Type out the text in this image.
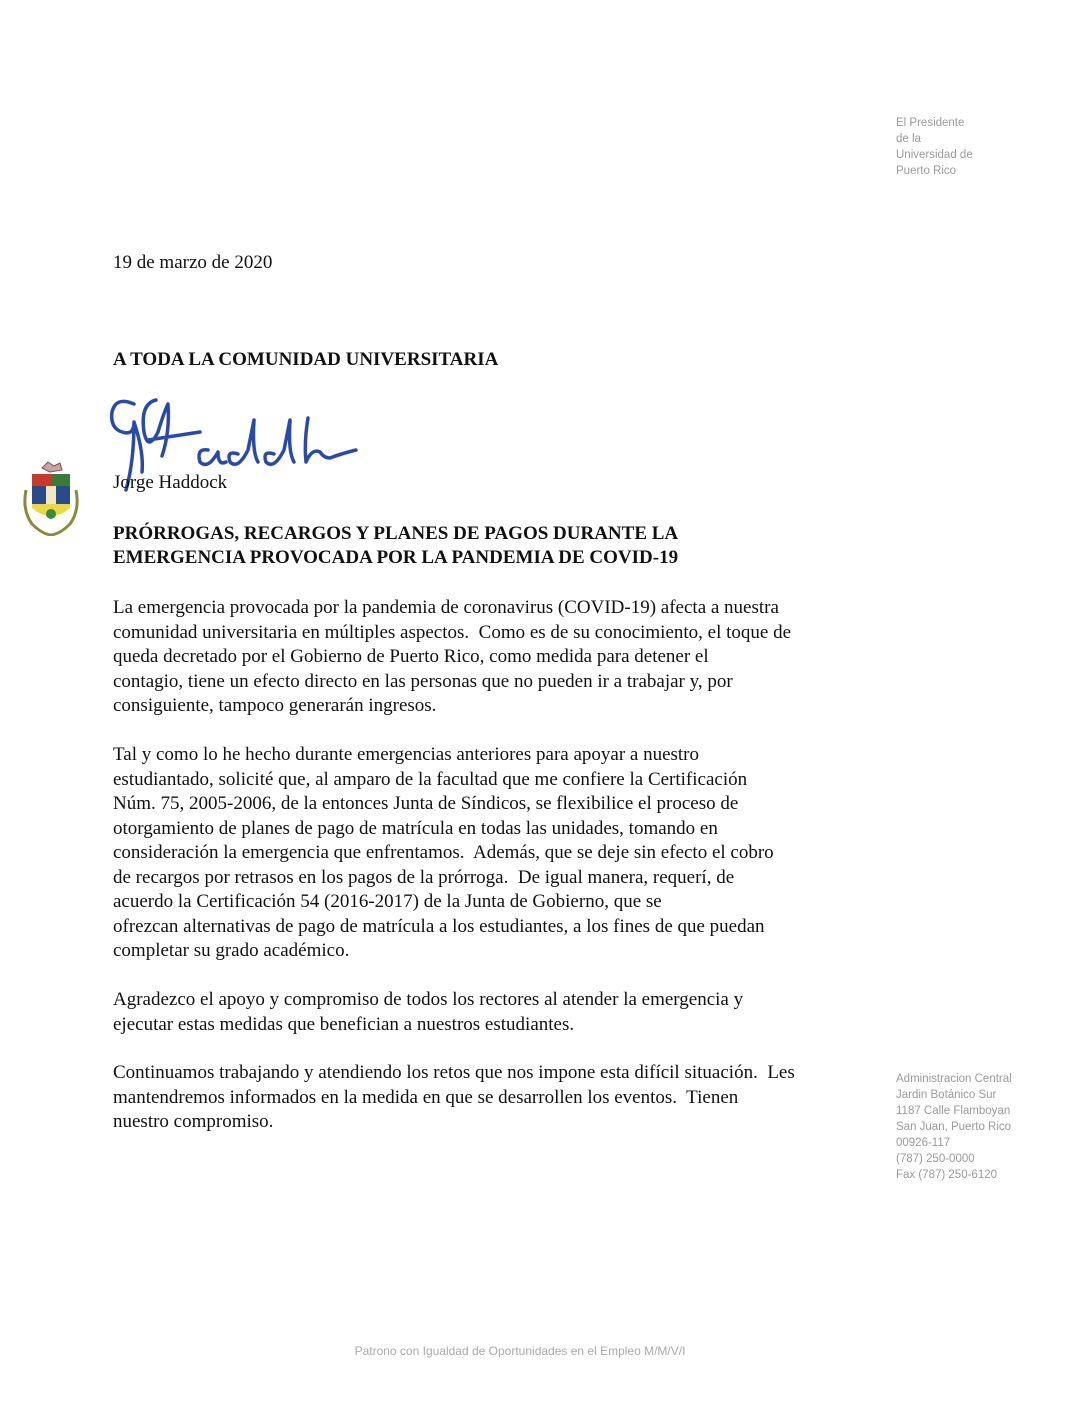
El Presidente
de la
Universidad de
Puerto Rico
19 de marzo de 2020
A TODA LA COMUNIDAD UNIVERSITARIA
Jorge Haddock
PRÓRROGAS, RECARGOS Y PLANES DE PAGOS DURANTE LA
EMERGENCIA PROVOCADA POR LA PANDEMIA DE COVID-19
La emergencia provocada por la pandemia de coronavirus (COVID-19) afecta a nuestra
comunidad universitaria en múltiples aspectos.  Como es de su conocimiento, el toque de
queda decretado por el Gobierno de Puerto Rico, como medida para detener el
contagio, tiene un efecto directo en las personas que no pueden ir a trabajar y, por
consiguiente, tampoco generarán ingresos.
Tal y como lo he hecho durante emergencias anteriores para apoyar a nuestro
estudiantado, solicité que, al amparo de la facultad que me confiere la Certificación
Núm. 75, 2005-2006, de la entonces Junta de Síndicos, se flexibilice el proceso de
otorgamiento de planes de pago de matrícula en todas las unidades, tomando en
consideración la emergencia que enfrentamos.  Además, que se deje sin efecto el cobro
de recargos por retrasos en los pagos de la prórroga.  De igual manera, requerí, de
acuerdo la Certificación 54 (2016-2017) de la Junta de Gobierno, que se
ofrezcan alternativas de pago de matrícula a los estudiantes, a los fines de que puedan
completar su grado académico.
Agradezco el apoyo y compromiso de todos los rectores al atender la emergencia y
ejecutar estas medidas que benefician a nuestros estudiantes.
Continuamos trabajando y atendiendo los retos que nos impone esta difícil situación.  Les
mantendremos informados en la medida en que se desarrollen los eventos.  Tienen
nuestro compromiso.
Administracion Central
Jardin Botánico Sur
1187 Calle Flamboyan
San Juan, Puerto Rico
00926-117
(787) 250-0000
Fax (787) 250-6120
Patrono con Igualdad de Oportunidades en el Empleo M/M/V/I
